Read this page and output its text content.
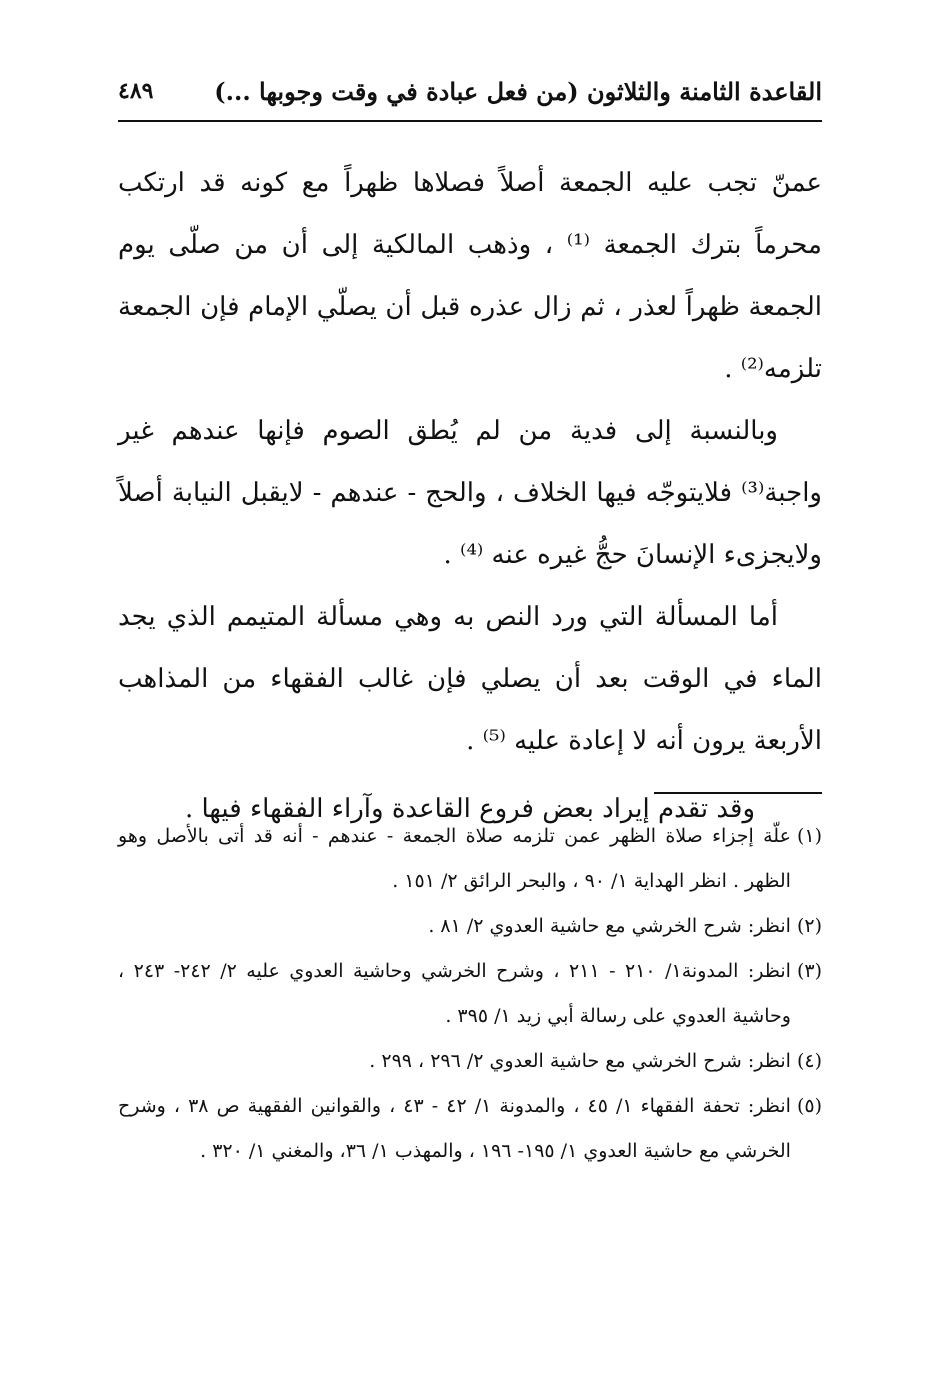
القاعدة الثامنة والثلاثون (من فعل عبادة في وقت وجوبها ...)
٤٨٩

عمنّ تجب عليه الجمعة أصلاً فصلاها ظهراً مع كونه قد ارتكب محرماً بترك الجمعة ⁽¹⁾ ، وذهب المالكية إلى أن من صلّى يوم الجمعة ظهراً لعذر ، ثم زال عذره قبل أن يصلّي الإمام فإن الجمعة تلزمه⁽²⁾ .

وبالنسبة إلى فدية من لم يُطق الصوم فإنها عندهم غير واجبة⁽³⁾ فلايتوجّه فيها الخلاف ، والحج - عندهم - لايقبل النيابة أصلاً ولايجزىء الإنسانَ حجُّ غيره عنه ⁽⁴⁾ .

أما المسألة التي ورد النص به وهي مسألة المتيمم الذي يجد الماء في الوقت بعد أن يصلي فإن غالب الفقهاء من المذاهب الأربعة يرون أنه لا إعادة عليه ⁽⁵⁾ .

وقد تقدم إيراد بعض فروع القاعدة وآراء الفقهاء فيها .

(١)
علّة إجزاء صلاة الظهر عمن تلزمه صلاة الجمعة - عندهم - أنه قد أتى بالأصل وهو الظهر . انظر الهداية ١/ ٩٠ ، والبحر الرائق ٢/ ١٥١ .
(٢)
انظر: شرح الخرشي مع حاشية العدوي ٢/ ٨١ .
(٣)
انظر: المدونة١/ ٢١٠ - ٢١١ ، وشرح الخرشي وحاشية العدوي عليه ٢/ ٢٤٢- ٢٤٣ ، وحاشية العدوي على رسالة أبي زيد ١/ ٣٩٥ .
(٤)
انظر: شرح الخرشي مع حاشية العدوي ٢/ ٢٩٦ ، ٢٩٩ .
(٥)
انظر: تحفة الفقهاء ١/ ٤٥ ، والمدونة ١/ ٤٢ - ٤٣ ، والقوانين الفقهية ص ٣٨ ، وشرح الخرشي مع حاشية العدوي ١/ ١٩٥- ١٩٦ ، والمهذب ١/ ٣٦، والمغني ١/ ٣٢٠ .
